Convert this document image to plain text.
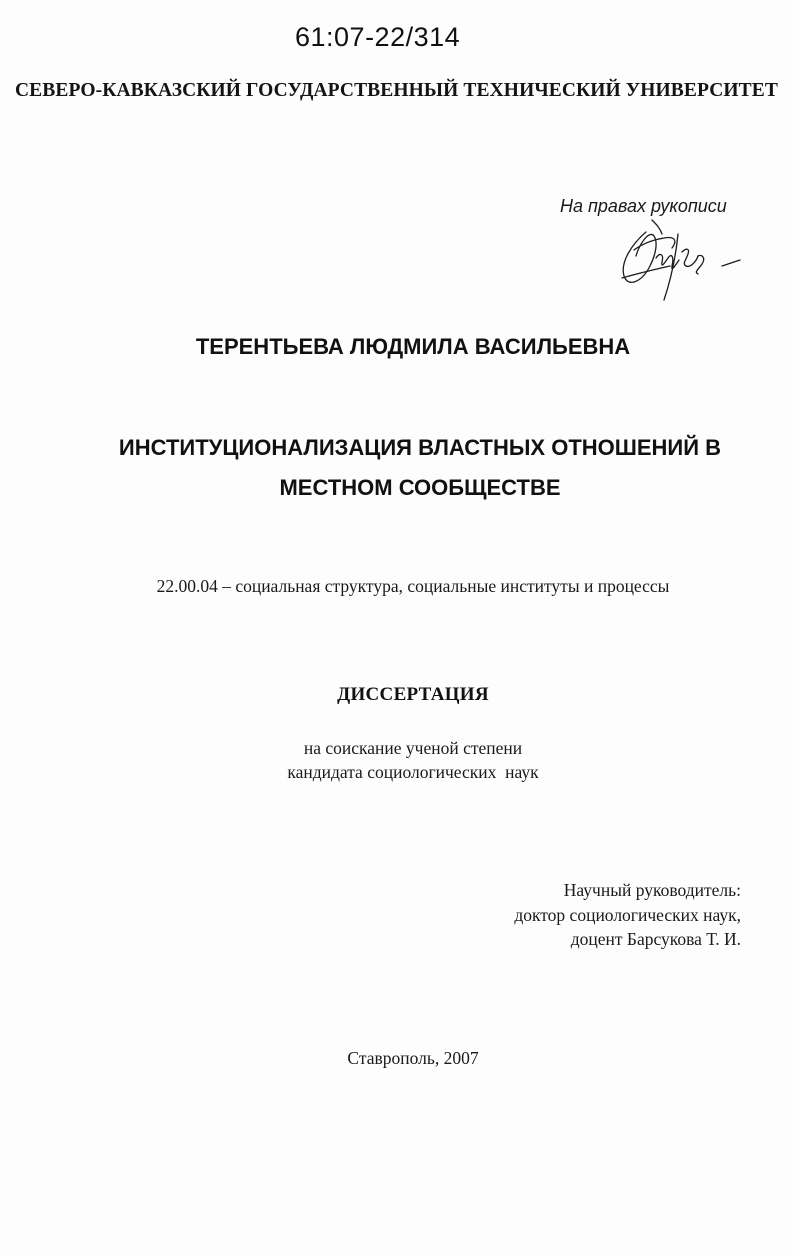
61:07-22/314
СЕВЕРО-КАВКАЗСКИЙ ГОСУДАРСТВЕННЫЙ ТЕХНИЧЕСКИЙ УНИВЕРСИТЕТ
На правах рукописи
ТЕРЕНТЬЕВА ЛЮДМИЛА ВАСИЛЬЕВНА
ИНСТИТУЦИОНАЛИЗАЦИЯ ВЛАСТНЫХ ОТНОШЕНИЙ В
МЕСТНОМ СООБЩЕСТВЕ
22.00.04 – социальная структура, социальные институты и процессы
ДИССЕРТАЦИЯ
на соискание ученой степени
кандидата социологических  наук
Научный руководитель:
доктор социологических наук,
доцент Барсукова Т. И.
Ставрополь, 2007
